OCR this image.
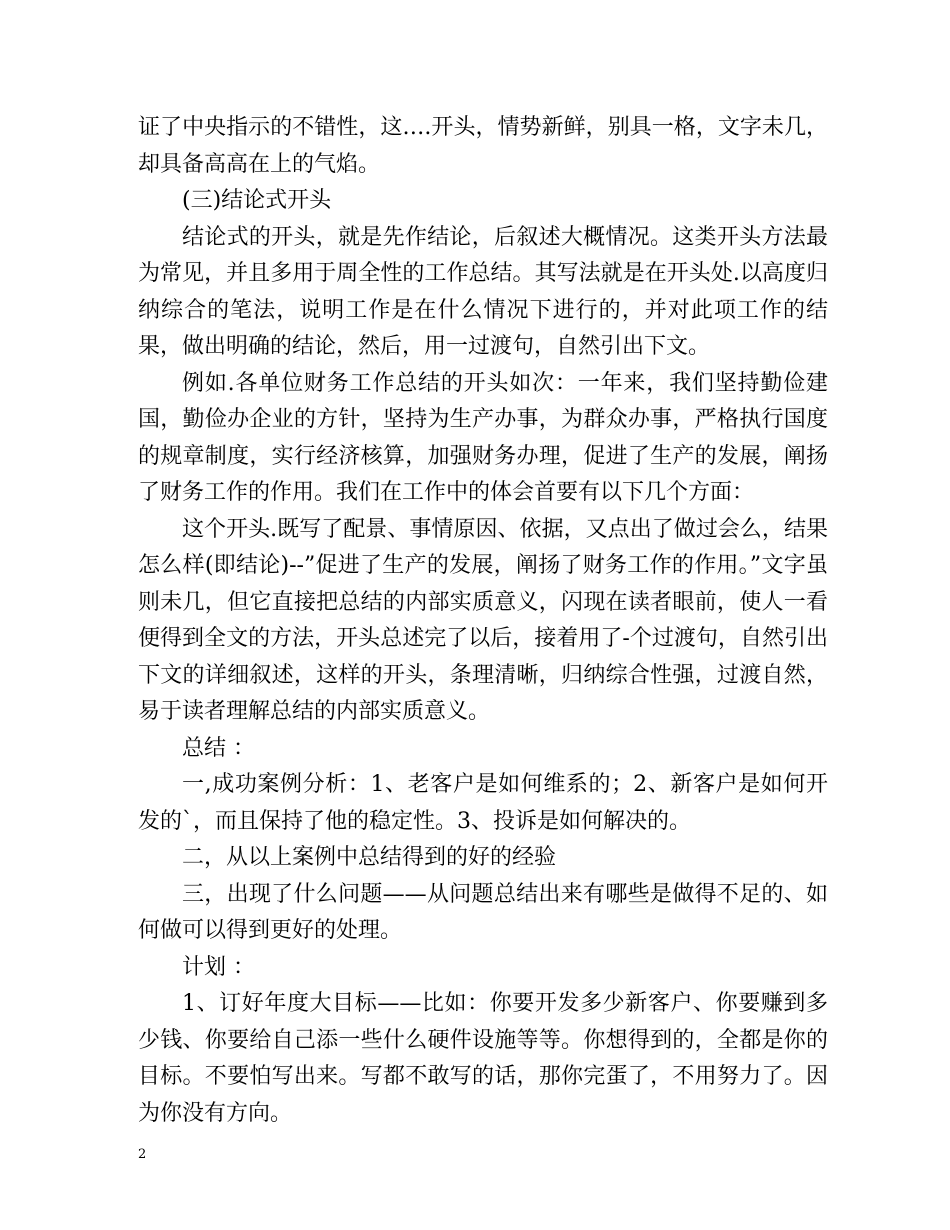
证了中央指示的不错性，这….开头，情势新鲜，别具一格，文字未几，却具备高高在上的气焰。

(三)结论式开头

结论式的开头，就是先作结论，后叙述大概情况。这类开头方法最为常见，并且多用于周全性的工作总结。其写法就是在开头处.以高度归纳综合的笔法，说明工作是在什么情况下进行的，并对此项工作的结果，做出明确的结论，然后，用一过渡句，自然引出下文。

例如.各单位财务工作总结的开头如次：一年来，我们坚持勤俭建国，勤俭办企业的方针，坚持为生产办事，为群众办事，严格执行国度的规章制度，实行经济核算，加强财务办理，促进了生产的发展，阐扬了财务工作的作用。我们在工作中的体会首要有以下几个方面：

这个开头.既写了配景、事情原因、依据，又点出了做过会么，结果怎么样(即结论)--”促进了生产的发展，阐扬了财务工作的作用。”文字虽则未几，但它直接把总结的内部实质意义，闪现在读者眼前，使人一看便得到全文的方法，开头总述完了以后，接着用了-个过渡句，自然引出下文的详细叙述，这样的开头，条理清晰，归纳综合性强，过渡自然，易于读者理解总结的内部实质意义。

总结 ：

一,成功案例分析：1、老客户是如何维系的；2、新客户是如何开发的`，而且保持了他的稳定性。3、投诉是如何解决的。

二，从以上案例中总结得到的好的经验

三，出现了什么问题——从问题总结出来有哪些是做得不足的、如何做可以得到更好的处理。

计划 ：

1、订好年度大目标——比如：你要开发多少新客户、你要赚到多少钱、你要给自己添一些什么硬件设施等等。你想得到的，全都是你的目标。不要怕写出来。写都不敢写的话，那你完蛋了，不用努力了。因为你没有方向。

2
